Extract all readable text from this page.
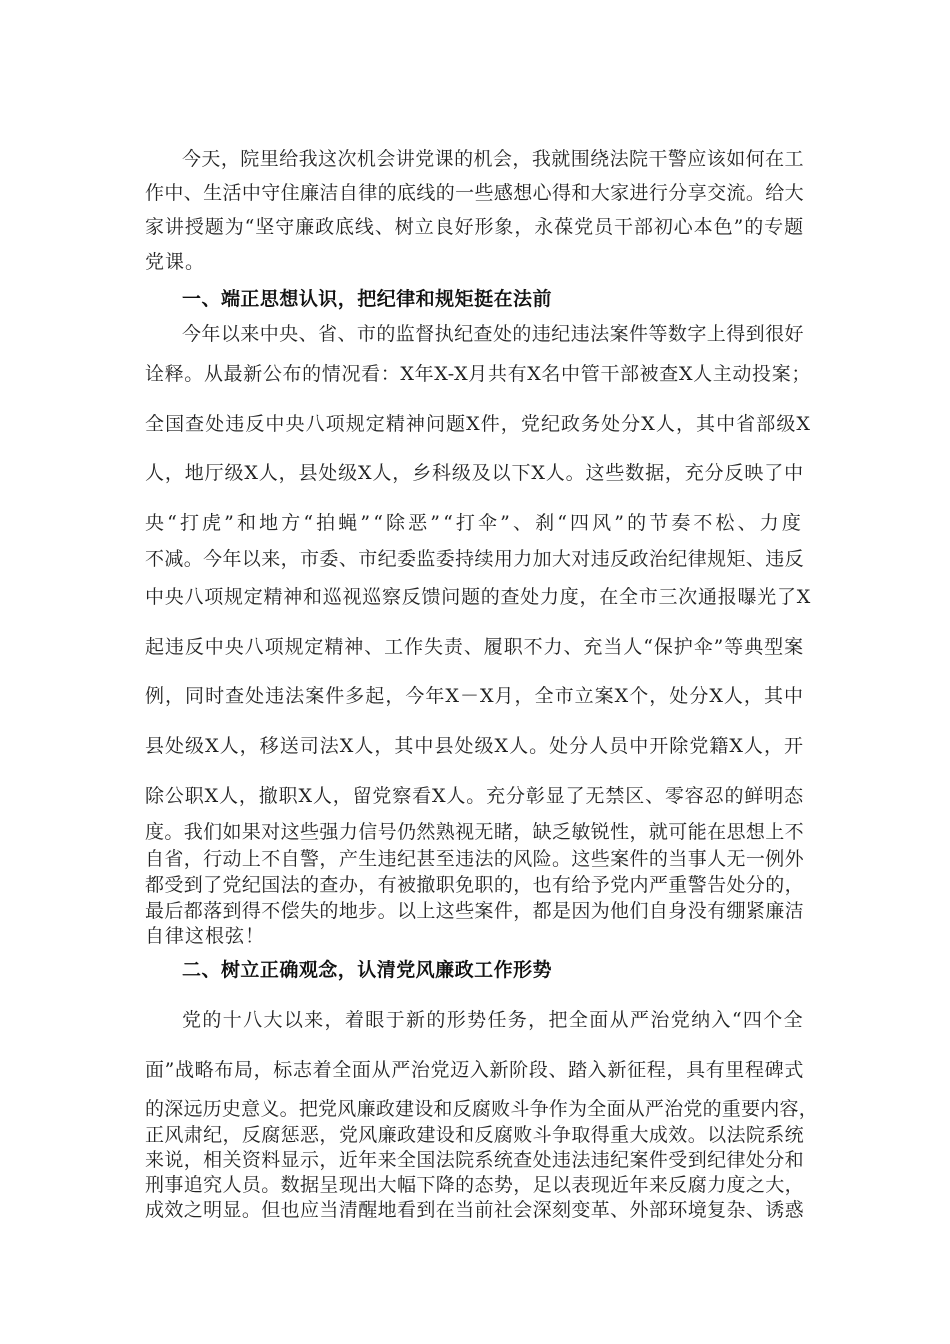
今天，院里给我这次机会讲党课的机会，我就围绕法院干警应该如何在工
作中、生活中守住廉洁自律的底线的一些感想心得和大家进行分享交流。给大
家讲授题为“坚守廉政底线、树立良好形象，永葆党员干部初心本色”的专题
党课。
一、端正思想认识，把纪律和规矩挺在法前
今年以来中央、省、市的监督执纪查处的违纪违法案件等数字上得到很好
诠释。从最新公布的情况看：X年X-X月共有X名中管干部被查X人主动投案；
全国查处违反中央八项规定精神问题X件，党纪政务处分X人，其中省部级X
人，地厅级X人，县处级X人，乡科级及以下X人。这些数据，充分反映了中
央“打虎”和地方“拍蝇”“除恶”“打伞”、刹“四风”的节奏不松、力度
不减。今年以来，市委、市纪委监委持续用力加大对违反政治纪律规矩、违反
中央八项规定精神和巡视巡察反馈问题的查处力度，在全市三次通报曝光了X
起违反中央八项规定精神、工作失责、履职不力、充当人“保护伞”等典型案
例，同时查处违法案件多起，今年X－X月，全市立案X个，处分X人，其中
县处级X人，移送司法X人，其中县处级X人。处分人员中开除党籍X人，开
除公职X人，撤职X人，留党察看X人。充分彰显了无禁区、零容忍的鲜明态
度。我们如果对这些强力信号仍然熟视无睹，缺乏敏锐性，就可能在思想上不
自省，行动上不自警，产生违纪甚至违法的风险。这些案件的当事人无一例外
都受到了党纪国法的查办，有被撤职免职的，也有给予党内严重警告处分的，
最后都落到得不偿失的地步。以上这些案件，都是因为他们自身没有绷紧廉洁
自律这根弦！
二、树立正确观念，认清党风廉政工作形势
党的十八大以来，着眼于新的形势任务，把全面从严治党纳入“四个全
面”战略布局，标志着全面从严治党迈入新阶段、踏入新征程，具有里程碑式
的深远历史意义。把党风廉政建设和反腐败斗争作为全面从严治党的重要内容，
正风肃纪，反腐惩恶，党风廉政建设和反腐败斗争取得重大成效。以法院系统
来说，相关资料显示，近年来全国法院系统查处违法违纪案件受到纪律处分和
刑事追究人员。数据呈现出大幅下降的态势，足以表现近年来反腐力度之大，
成效之明显。但也应当清醒地看到在当前社会深刻变革、外部环境复杂、诱惑
